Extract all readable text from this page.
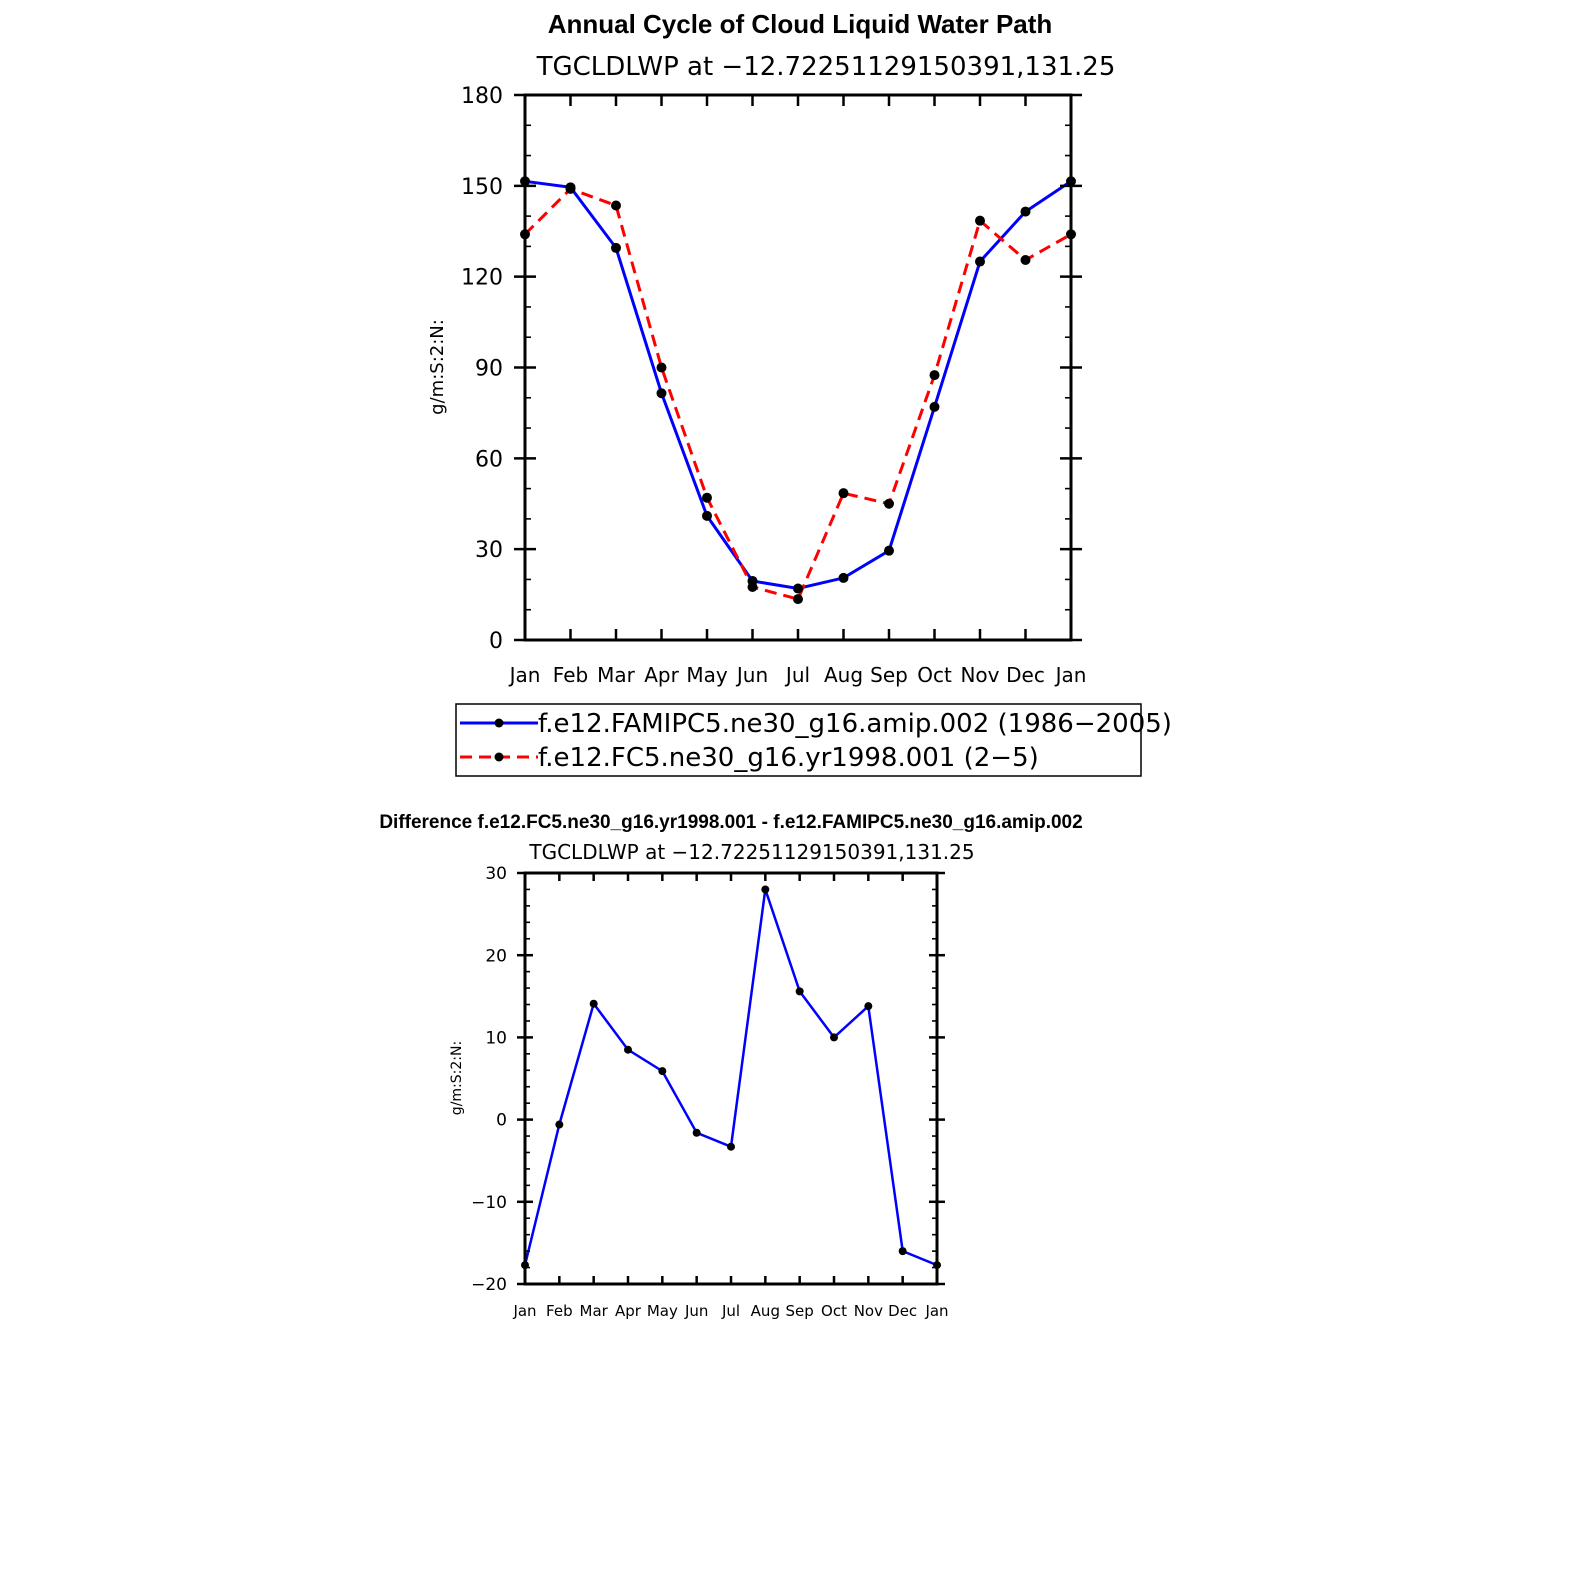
Annual Cycle of Cloud Liquid Water Path
TGCLDLWP at −12.72251129150391,131.25
g/m:S:2:N:
Jan Feb Mar Apr May Jun Jul Aug Sep Oct Nov Dec Jan
0
30
60
90
120
150
180
f.e12.FAMIPC5.ne30_g16.amip.002 (1986−2005)
f.e12.FC5.ne30_g16.yr1998.001 (2−5)
Difference f.e12.FC5.ne30_g16.yr1998.001 - f.e12.FAMIPC5.ne30_g16.amip.002
TGCLDLWP at −12.72251129150391,131.25
g/m:S:2:N:
Jan Feb Mar Apr May Jun Jul Aug Sep Oct Nov Dec Jan
−20
−10
0
10
20
30
